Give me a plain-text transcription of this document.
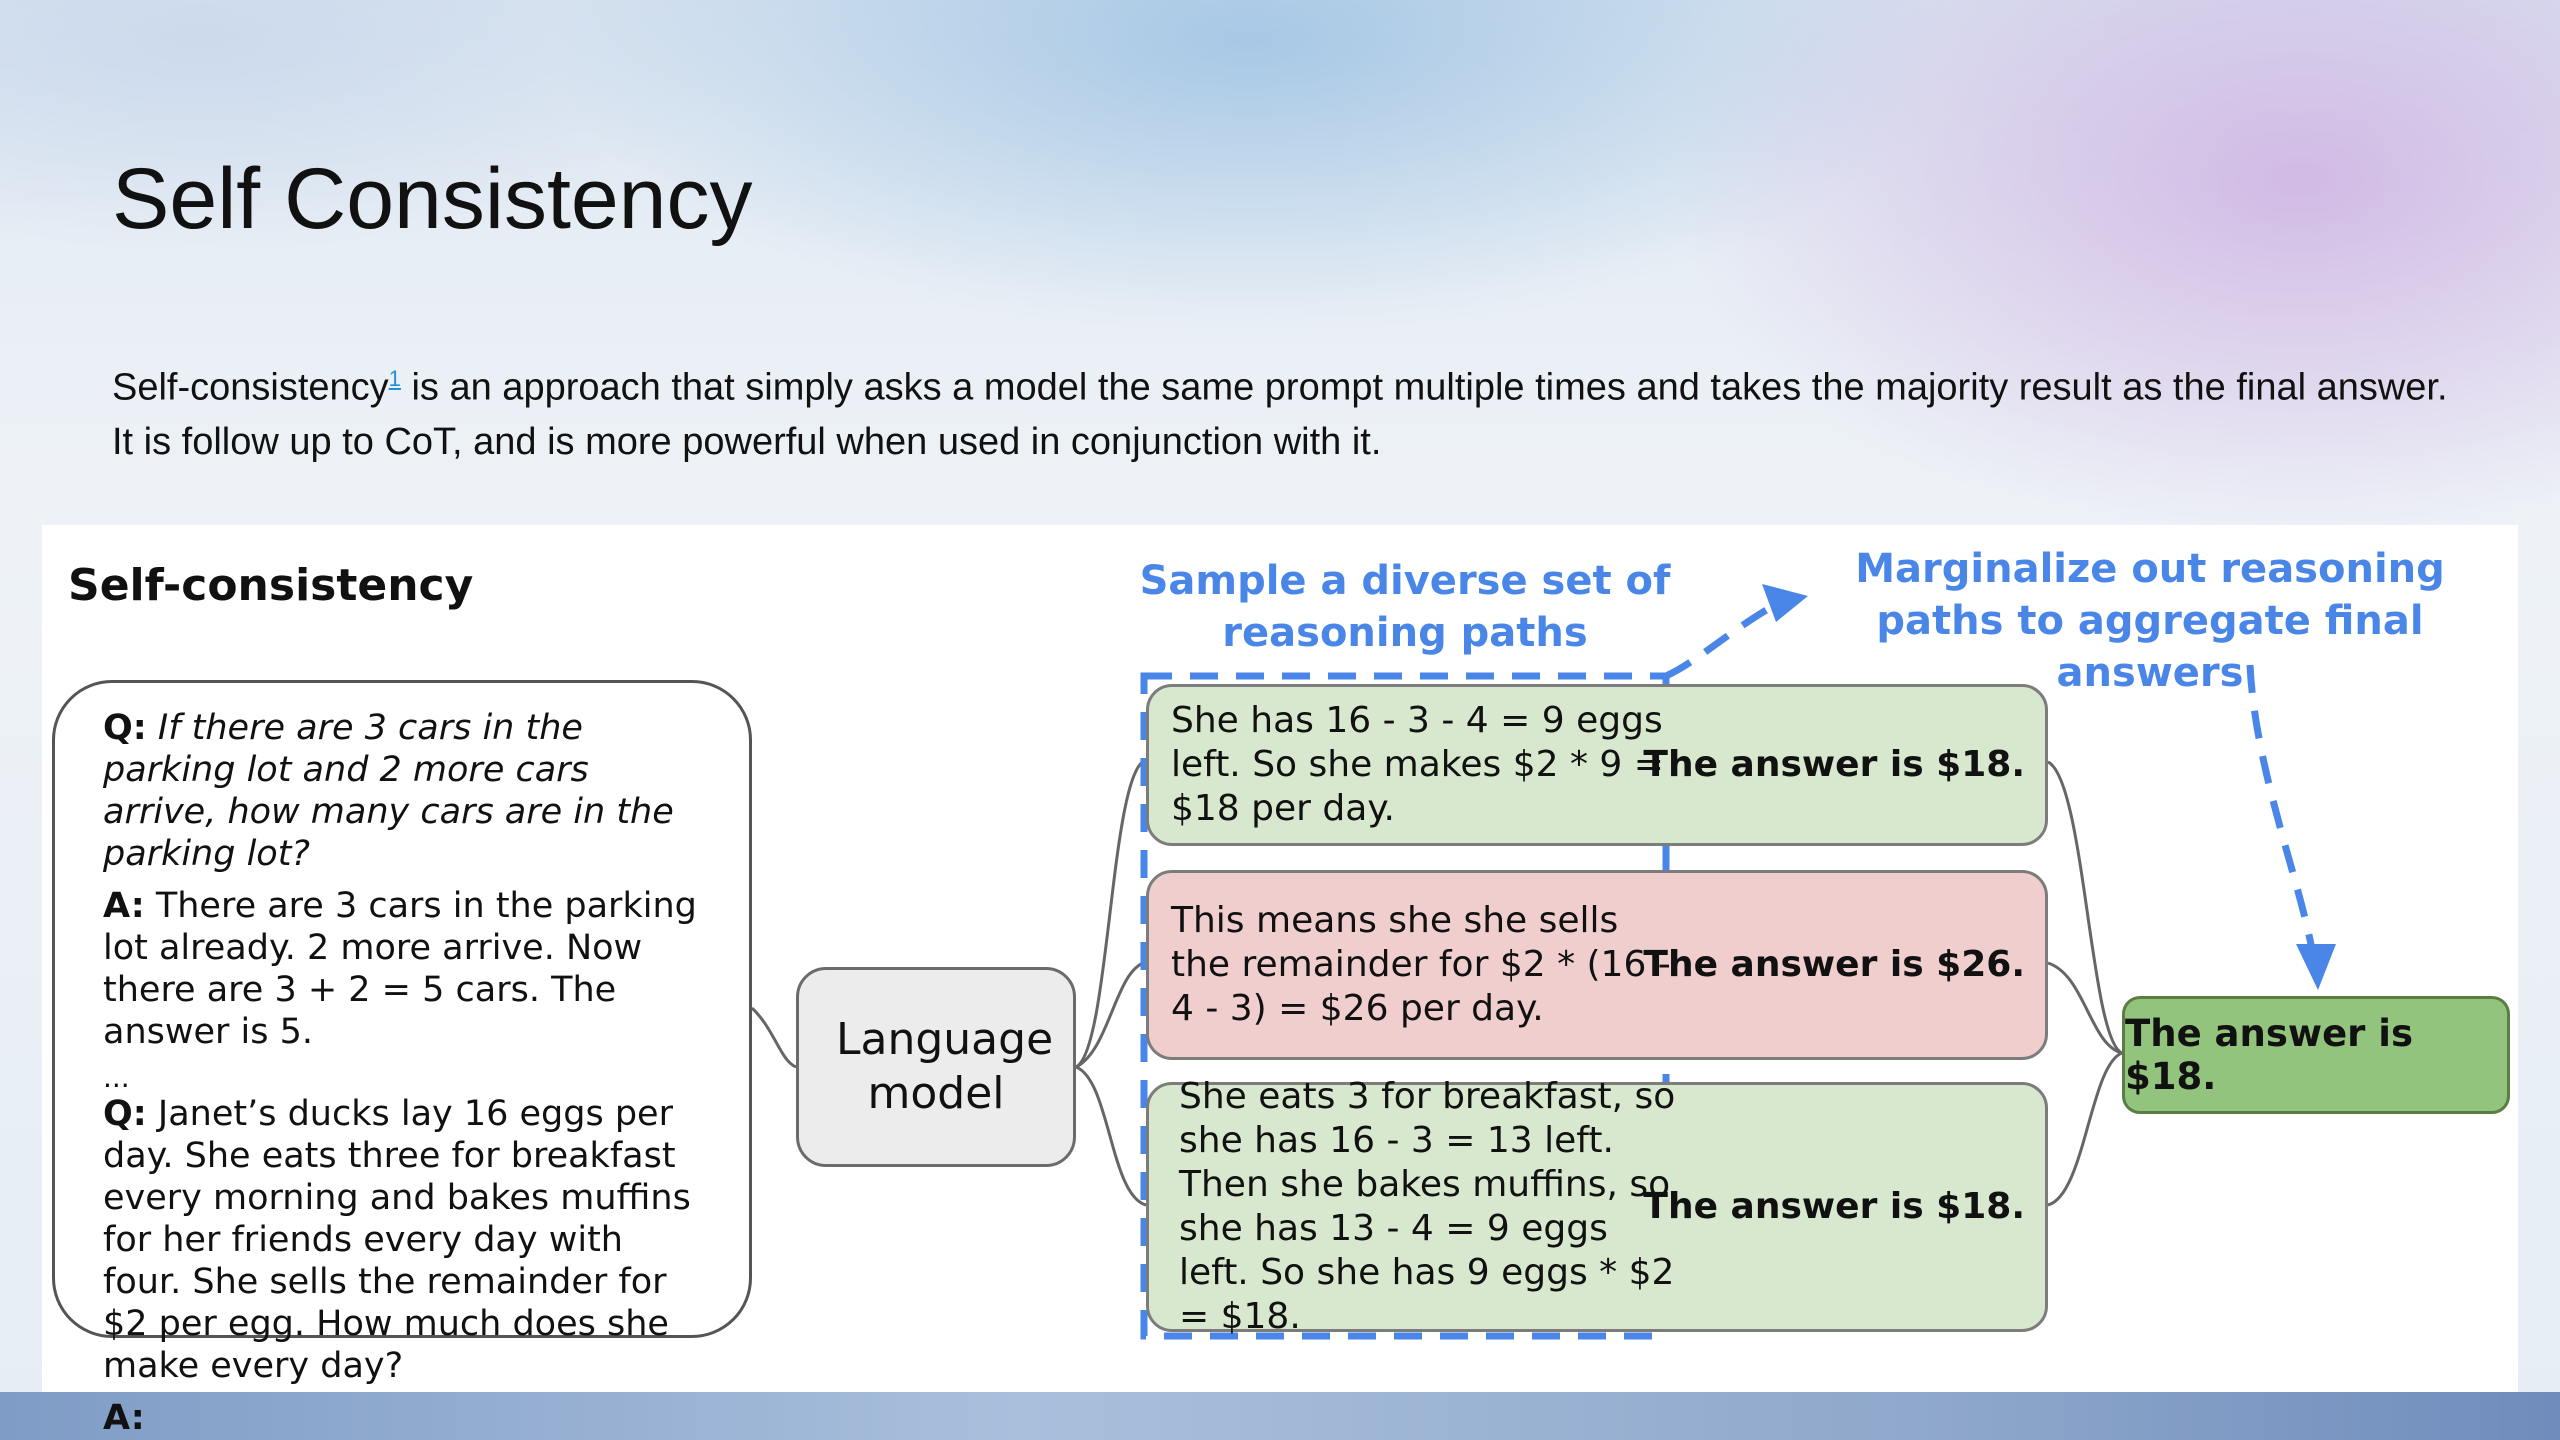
Self Consistency

Self-consistency$^1$ is an approach that simply asks a model the same prompt multiple times and takes the majority result as the final answer. It is follow up to CoT, and is more powerful when used in conjunction with it.

Self-consistency

Q: If there are 3 cars in the parking lot and 2 more cars arrive, how many cars are in the parking lot?

A: There are 3 cars in the parking lot already. 2 more arrive. Now there are 3 + 2 = 5 cars. The answer is 5.

...

Q: Janet’s ducks lay 16 eggs per day. She eats three for breakfast every morning and bakes muffins for her friends every day with four. She sells the remainder for $2 per egg. How much does she make every day?

A:

Language model

Sample a diverse set of reasoning paths

Marginalize out reasoning paths to aggregate final answers

She has 16 - 3 - 4 = 9 eggs left. So she makes $2 * 9 = $18 per day.
The answer is $18.
This means she she sells the remainder for $2 * (16 - 4 - 3) = $26 per day.
The answer is $26.
She eats 3 for breakfast, so she has 16 - 3 = 13 left. Then she bakes muffins, so she has 13 - 4 = 9 eggs left. So she has 9 eggs * $2 = $18.
The answer is $18.
The answer is $18.
